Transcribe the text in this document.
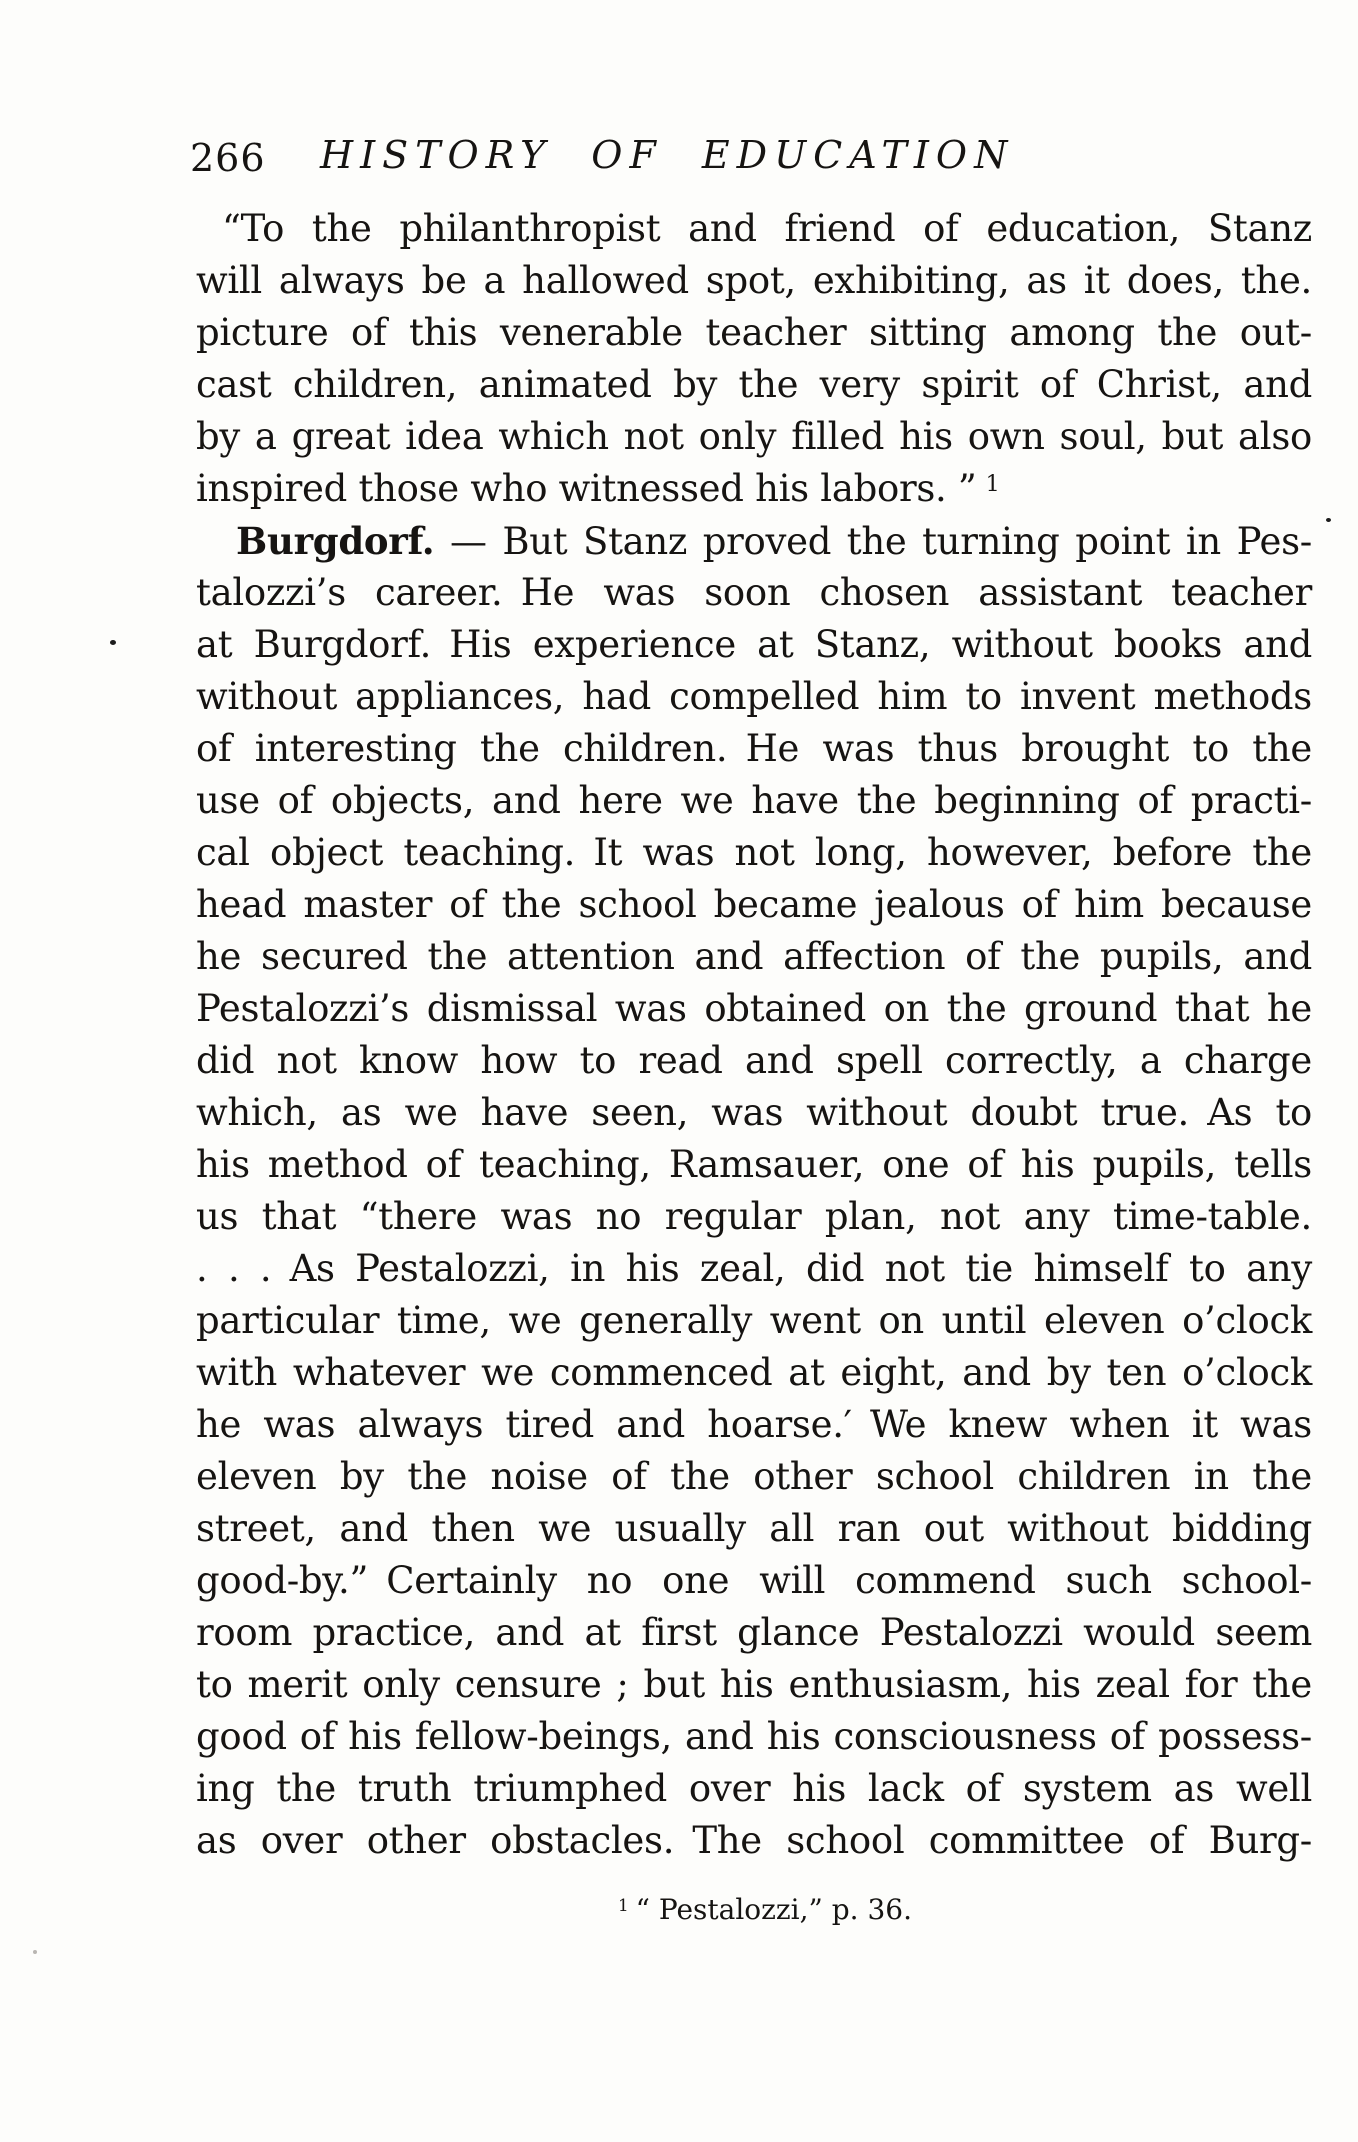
266 HISTORY OF EDUCATION
“To the philanthropist and friend of education, Stanz
will always be a hallowed spot, exhibiting, as it does, the.
picture of this venerable teacher sitting among the out-
cast children, animated by the very spirit of Christ, and
by a great idea which not only filled his own soul, but also
inspired those who witnessed his labors. ” $^1$
Burgdorf. — But Stanz proved the turning point in Pes-
talozzi’s career. He was soon chosen assistant teacher
at Burgdorf. His experience at Stanz, without books and
without appliances, had compelled him to invent methods
of interesting the children. He was thus brought to the
use of objects, and here we have the beginning of practi-
cal object teaching. It was not long, however, before the
head master of the school became jealous of him because
he secured the attention and affection of the pupils, and
Pestalozzi’s dismissal was obtained on the ground that he
did not know how to read and spell correctly, a charge
which, as we have seen, was without doubt true. As to
his method of teaching, Ramsauer, one of his pupils, tells
us that “there was no regular plan, not any time-table.
. . . As Pestalozzi, in his zeal, did not tie himself to any
particular time, we generally went on until eleven o’clock
with whatever we commenced at eight, and by ten o’clock
he was always tired and hoarse.′ We knew when it was
eleven by the noise of the other school children in the
street, and then we usually all ran out without bidding
good-by.” Certainly no one will commend such school-
room practice, and at first glance Pestalozzi would seem
to merit only censure ; but his enthusiasm, his zeal for the
good of his fellow-beings, and his consciousness of possess-
ing the truth triumphed over his lack of system as well
as over other obstacles. The school committee of Burg-
$^1$ “ Pestalozzi,” p. 36.
